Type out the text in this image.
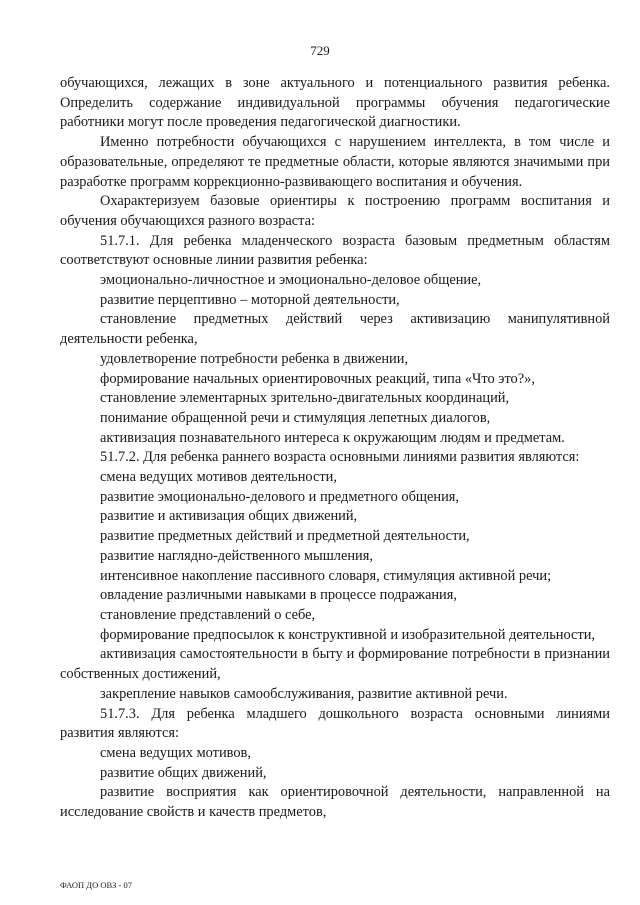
729

обучающихся, лежащих в зоне актуального и потенциального развития ребенка. Определить содержание индивидуальной программы обучения педагогические работники могут после проведения педагогической диагностики.

Именно потребности обучающихся с нарушением интеллекта, в том числе и образовательные, определяют те предметные области, которые являются значимыми при разработке программ коррекционно-развивающего воспитания и обучения.

Охарактеризуем базовые ориентиры к построению программ воспитания и обучения обучающихся разного возраста:

51.7.1. Для ребенка младенческого возраста базовым предметным областям соответствуют основные линии развития ребенка:

эмоционально-личностное и эмоционально-деловое общение,

развитие перцептивно – моторной деятельности,

становление предметных действий через активизацию манипулятивной деятельности ребенка,

удовлетворение потребности ребенка в движении,

формирование начальных ориентировочных реакций, типа «Что это?»,

становление элементарных зрительно-двигательных координаций,

понимание обращенной речи и стимуляция лепетных диалогов,

активизация познавательного интереса к окружающим людям и предметам.

51.7.2. Для ребенка раннего возраста основными линиями развития являются:

смена ведущих мотивов деятельности,

развитие эмоционально-делового и предметного общения,

развитие и активизация общих движений,

развитие предметных действий и предметной деятельности,

развитие наглядно-действенного мышления,

интенсивное накопление пассивного словаря, стимуляция активной речи;

овладение различными навыками в процессе подражания,

становление представлений о себе,

формирование предпосылок к конструктивной и изобразительной деятельности,

активизация самостоятельности в быту и формирование потребности в признании собственных достижений,

закрепление навыков самообслуживания, развитие активной речи.

51.7.3. Для ребенка младшего дошкольного возраста основными линиями развития являются:

смена ведущих мотивов,

развитие общих движений,

развитие восприятия как ориентировочной деятельности, направленной на исследование свойств и качеств предметов,

ФАОП ДО ОВЗ - 07
